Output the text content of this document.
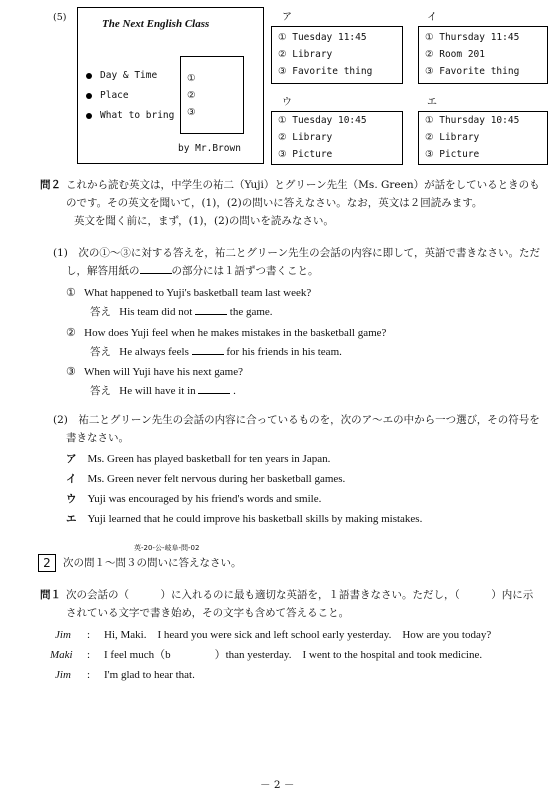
(5)
The Next English Class
Day & Time
Place
What to bring
①
②
③
by Mr.Brown
ア
① Tuesday 11:45
② Library
③ Favorite thing
イ
① Thursday 11:45
② Room 201
③ Favorite thing
ウ
① Tuesday 10:45
② Library
③ Picture
エ
① Thursday 10:45
② Library
③ Picture
問２ これから読む英文は，中学生の祐二（Yuji）とグリーン先生（Ms. Green）が話をしているときのも
のです。その英文を聞いて，(1)，(2)の問いに答えなさい。なお，英文は２回読みます。
英文を聞く前に，まず，(1)，(2)の問いを読みなさい。
(1)　次の①～③に対する答えを，祐二とグリーン先生の会話の内容に即して，英語で書きなさい。ただ
し，解答用紙の	の部分には１語ずつ書くこと。
① What happened to Yuji's basketball team last week?
答え His team did not	the game.
② How does Yuji feel when he makes mistakes in the basketball game?
答え He always feels	for his friends in his team.
③ When will Yuji have his next game?
答え He will have it in	.
(2)　祐二とグリーン先生の会話の内容に合っているものを，次のア～エの中から一つ選び，その符号を
書きなさい。
ア Ms. Green has played basketball for ten years in Japan.
イ Ms. Green never felt nervous during her basketball games.
ウ Yuji was encouraged by his friend's words and smile.
エ Yuji learned that he could improve his basketball skills by making mistakes.
英-20-公-岐阜-問-02
2	次の問１～問３の問いに答えなさい。
問１ 次の会話の（　　　）に入れるのに最も適切な英語を，１語書きなさい。ただし，（　　　）内に示
されている文字で書き始め，その文字も含めて答えること。
Jim	: Hi, Maki.　I heard you were sick and left school early yesterday.　How are you today?
Maki	: I feel much（b　　　　）than yesterday.　I went to the hospital and took medicine.
Jim	: I'm glad to hear that.
－ 2 －
